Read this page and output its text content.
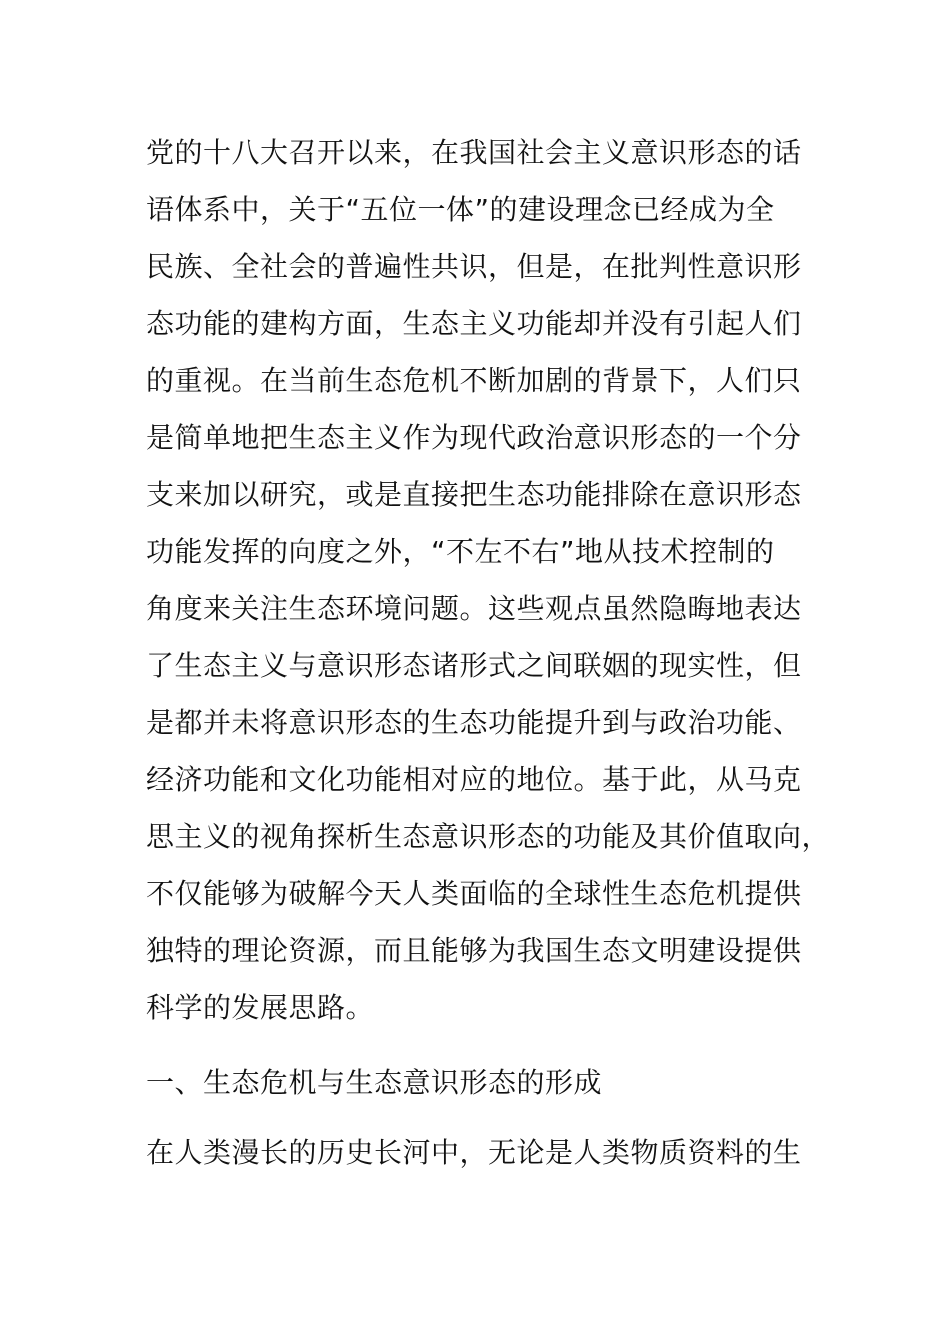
党的十八大召开以来，在我国社会主义意识形态的话
语体系中，关于“五位一体”的建设理念已经成为全
民族、全社会的普遍性共识，但是，在批判性意识形
态功能的建构方面，生态主义功能却并没有引起人们
的重视。在当前生态危机不断加剧的背景下，人们只
是简单地把生态主义作为现代政治意识形态的一个分
支来加以研究，或是直接把生态功能排除在意识形态
功能发挥的向度之外，“不左不右”地从技术控制的
角度来关注生态环境问题。这些观点虽然隐晦地表达
了生态主义与意识形态诸形式之间联姻的现实性，但
是都并未将意识形态的生态功能提升到与政治功能、
经济功能和文化功能相对应的地位。基于此，从马克
思主义的视角探析生态意识形态的功能及其价值取向，
不仅能够为破解今天人类面临的全球性生态危机提供
独特的理论资源，而且能够为我国生态文明建设提供
科学的发展思路。
一、生态危机与生态意识形态的形成
在人类漫长的历史长河中，无论是人类物质资料的生
